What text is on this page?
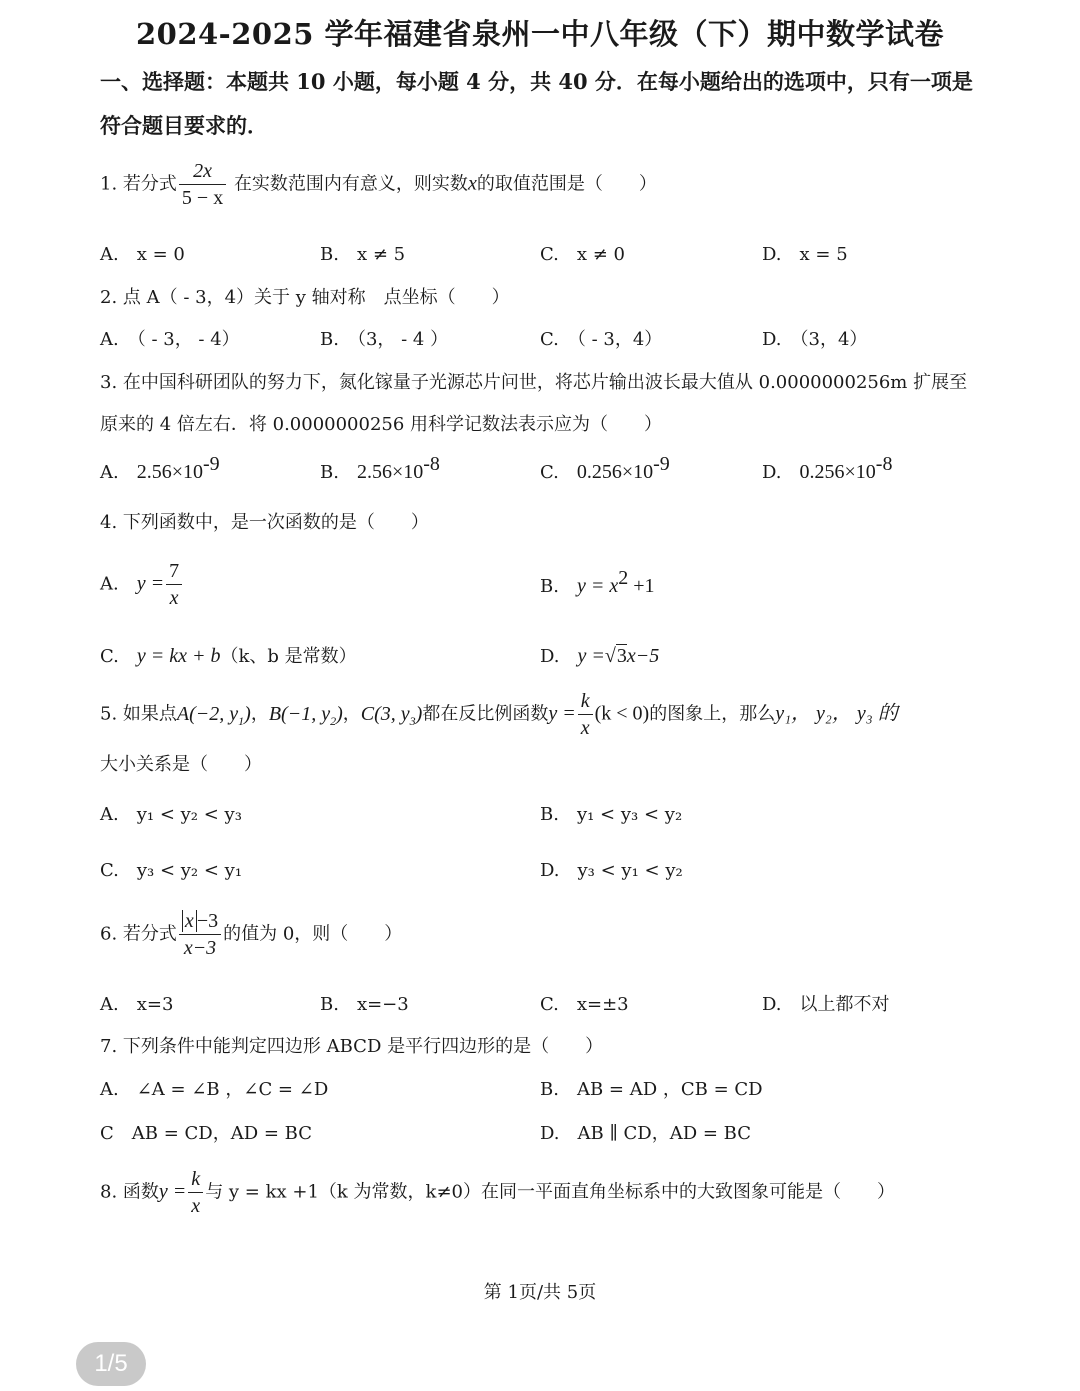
2024-2025 学年福建省泉州一中八年级（下）期中数学试卷
一、选择题：本题共 10 小题，每小题 4 分，共 40 分．在每小题给出的选项中，只有一项是
符合题目要求的．
1. 若分式 $\frac{2x}{5 - x}$ 在实数范围内有意义，则实数x的取值范围是（　　）
A.　x = 0	B.　x ≠ 5	C.　x ≠ 0	D.　x = 5
2. 点 A（ - 3，4）关于 y 轴对称　点坐标（　　）
A.　（ - 3， - 4）	B.　（3， - 4 ）	C.　（ - 3，4）	D.　（3，4）
3. 在中国科研团队的努力下，氮化镓量子光源芯片问世，将芯片输出波长最大值从 0.0000000256m 扩展至
原来的 4 倍左右．将 0.0000000256 用科学记数法表示应为（　　）
A.　 $2.56\times 10^{-9}$	B.　 $2.56\times 10^{-8}$	C.　 $0.256\times 10^{-9}$	D.　 $0.256\times 10^{-8}$
4. 下列函数中，是一次函数的是（　　）
A.　 $y = \frac{7}{x}$	B.　 $y = x^2 +1$
C.　 y = kx + b（k、b 是常数）	D.　 y =√3x−5
5. 如果点A(−2, $y_1$)，B(−1, $y_2$)，C(3, $y_3$)都在反比例函数$y = \frac{k}{x} (k < 0)$的图象上，那么y₁， y₂， y₃ 的
大小关系是（　　）
A.　y₁ < y₂ < y₃	B.　y₁ < y₃ < y₂
C.　y₃ < y₂ < y₁	D.　y₃ < y₁ < y₂
6. 若分式 $\frac{x -3}{x-3}$ 的值为 0，则（　　）
A.　x=3	B.　x=−3	C.　x=±3	D.　以上都不对
7. 下列条件中能判定四边形 ABCD 是平行四边形的是（　　）
A.　∠A = ∠B ，∠C = ∠D	B.　AB = AD ，CB = CD
C　AB = CD，AD = BC	D.　AB ∥ CD，AD = BC
8. 函数$y = \frac{k}{x}$ 与 y = kx +1（k 为常数，k≠0）在同一平面直角坐标系中的大致图象可能是（　　）
第 1页/共 5页
1/5
